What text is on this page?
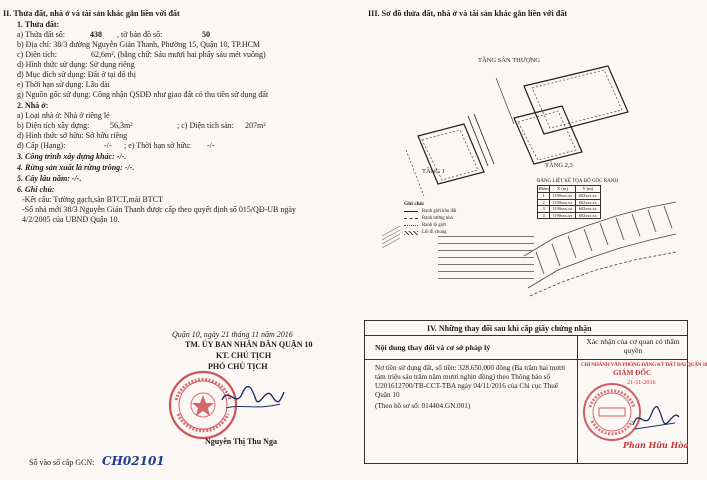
II. Thửa đất, nhà ở và tài sản khác gắn liền với đất
1. Thửa đất:
a) Thửa đất số:	438 , tờ bản đồ số:	50
b) Địa chỉ: 38/3 đường Nguyễn Giản Thanh, Phường 15, Quận 10, TP.HCM
c) Diện tích:	62,6m², (bằng chữ: Sáu mươi hai phẩy sáu mét vuông)
d) Hình thức sử dụng: Sử dụng riêng
đ) Mục đích sử dụng: Đất ở tại đô thị
e) Thời hạn sử dụng: Lâu dài
g) Nguồn gốc sử dụng: Công nhận QSDĐ như giao đất có thu tiền sử dụng đất
2. Nhà ở:
a) Loại nhà ở: Nhà ở riêng lẻ
b) Diện tích xây dựng:	56,3m²	; c) Diện tích sàn: 207m²
d) Hình thức sở hữu: Sở hữu riêng
đ) Cấp (Hạng):	-/- ; e) Thời hạn sở hữu: -/-
3. Công trình xây dựng khác: -/-.
4. Rừng sản xuất là rừng trồng: -/-.
5. Cây lâu năm: -/-.
6. Ghi chú:
-Kết cấu: Tường gạch,sàn BTCT,mái BTCT
-Số nhà mới 38/3 Nguyễn Giản Thanh được cấp theo quyết định số 015/QĐ-UB ngày
4/2/2005 của UBND Quận 10.
Quận 10, ngày 21 tháng 11 năm 2016
TM. ỦY BAN NHÂN DÂN QUẬN 10
KT. CHỦ TỊCH
PHÓ CHỦ TỊCH
Nguyễn Thị Thu Nga
Số vào sổ cấp GCN: CH02101
III. Sơ đồ thửa đất, nhà ở và tài sản khác gắn liền với đất
TẦNG SÂN THƯỢNG
TẦNG 1
TẦNG 2,3
BẢNG LIỆT KÊ TỌA ĐỘ GÓC RANH
Điểm	X (m)	Y (m)
1	1190xxx.xx	602xxx.xx
2	1190xxx.xx	602xxx.xx
3	1190xxx.xx	602xxx.xx
4	1190xxx.xx	602xxx.xx
Ghi chú:
Ranh giới khu đất
Ranh tường nhà
Ranh lộ giới
Lối đi chung
IV. Những thay đổi sau khi cấp giấy chứng nhận
Nội dung thay đổi và cơ sở pháp lý
Xác nhận của cơ quan có thẩm quyền
Nợ tiền sử dụng đất, số tiền: 328.650.000 đồng (Ba trăm hai mươi
tám triệu sáu trăm năm mươi nghìn đồng) theo Thông báo số
U201612700/TB-CCT-TBA ngày 04/11/2016 của Chi cục Thuế
Quận 10
(Theo hồ sơ số: 014404.GN.001)
CHI NHÁNH VĂN PHÒNG ĐĂNG KÝ ĐẤT ĐAI QUẬN 10
GIÁM ĐỐC
21-11-2016
Phan Hữu Hòa
